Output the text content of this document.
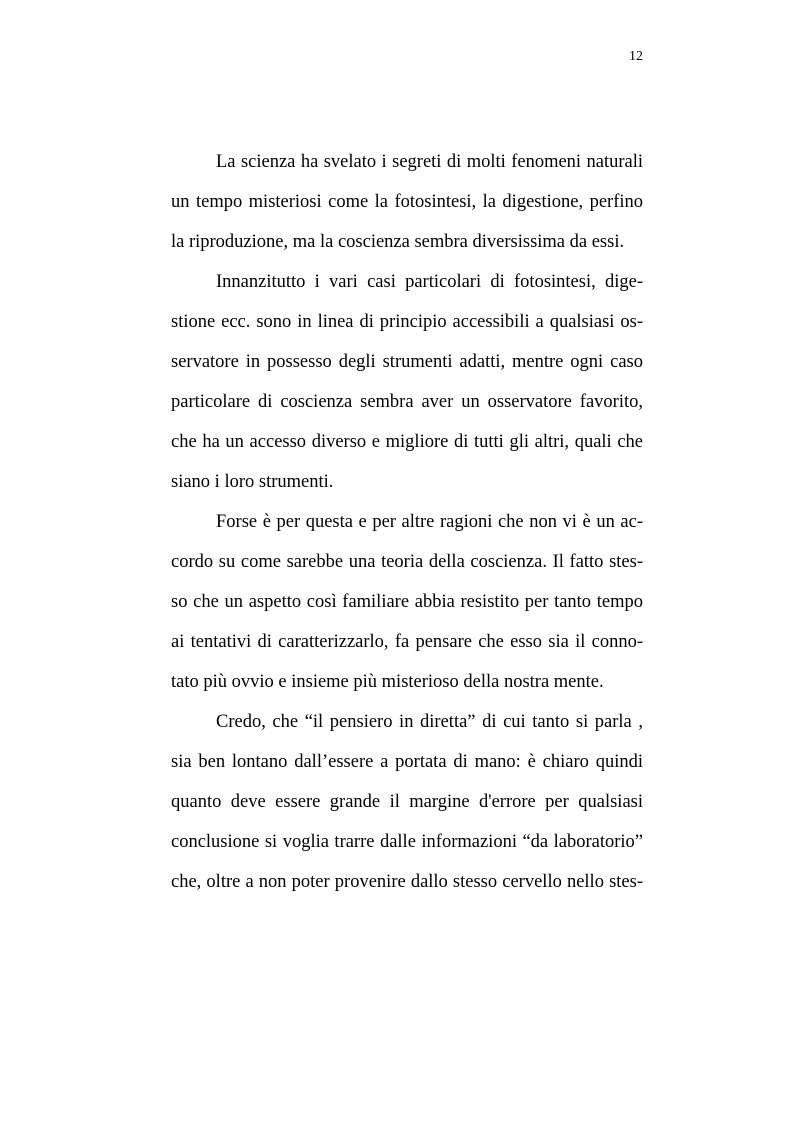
12
La scienza ha svelato i segreti di molti fenomeni naturali
un tempo misteriosi come la fotosintesi, la digestione, perfino
la riproduzione, ma la coscienza sembra diversissima da essi.
Innanzitutto i vari casi particolari di fotosintesi, dige-
stione ecc. sono in linea di principio accessibili a qualsiasi os-
servatore in possesso degli strumenti adatti, mentre ogni caso
particolare di coscienza sembra aver un osservatore favorito,
che ha un accesso diverso e migliore di tutti gli altri, quali che
siano i loro strumenti.
Forse è per questa e per altre ragioni che non vi è un ac-
cordo su come sarebbe una teoria della coscienza. Il fatto stes-
so che un aspetto così familiare abbia resistito per tanto tempo
ai tentativi di caratterizzarlo, fa pensare che esso sia il conno-
tato più ovvio e insieme più misterioso della nostra mente.
Credo, che “il pensiero in diretta” di cui tanto si parla ,
sia ben lontano dall’essere a portata di mano: è chiaro quindi
quanto deve essere grande il margine d'errore per qualsiasi
conclusione si voglia trarre dalle informazioni “da laboratorio”
che, oltre a non poter provenire dallo stesso cervello nello stes-
